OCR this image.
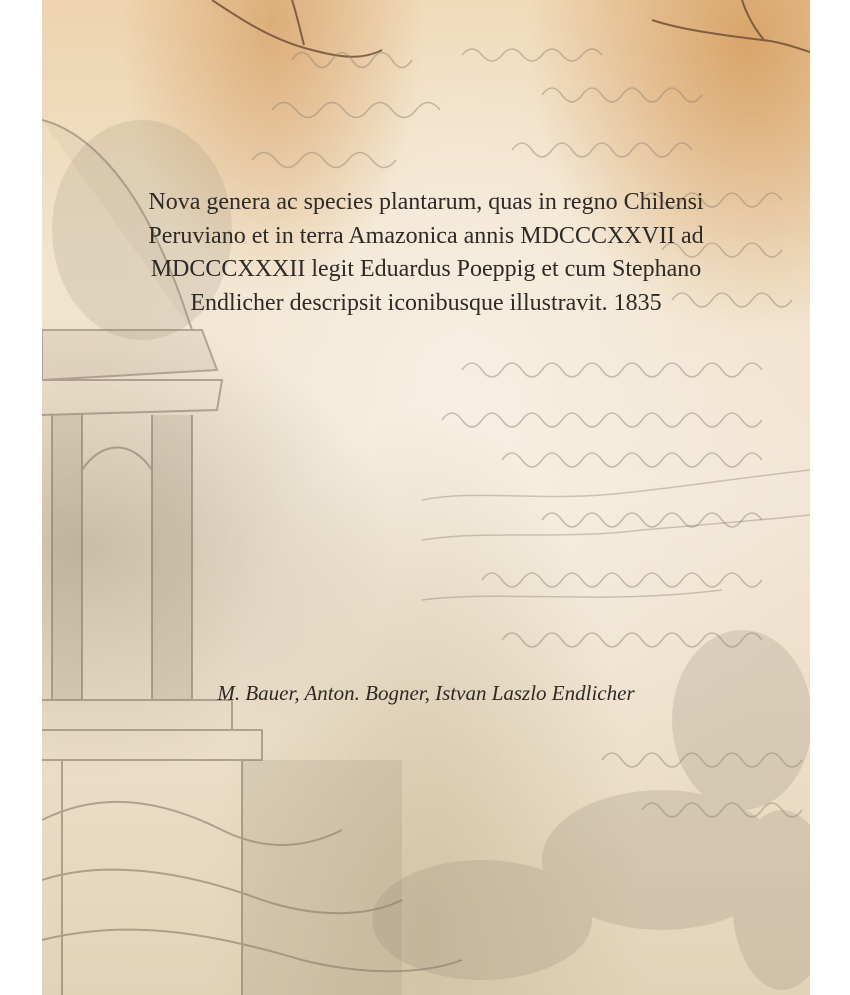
Nova genera ac species plantarum, quas in regno Chilensi Peruviano et in terra Amazonica annis MDCCCXXVII ad MDCCCXXXII legit Eduardus Poeppig et cum Stephano Endlicher descripsit iconibusque illustravit. 1835

M. Bauer, Anton. Bogner, Istvan Laszlo Endlicher
